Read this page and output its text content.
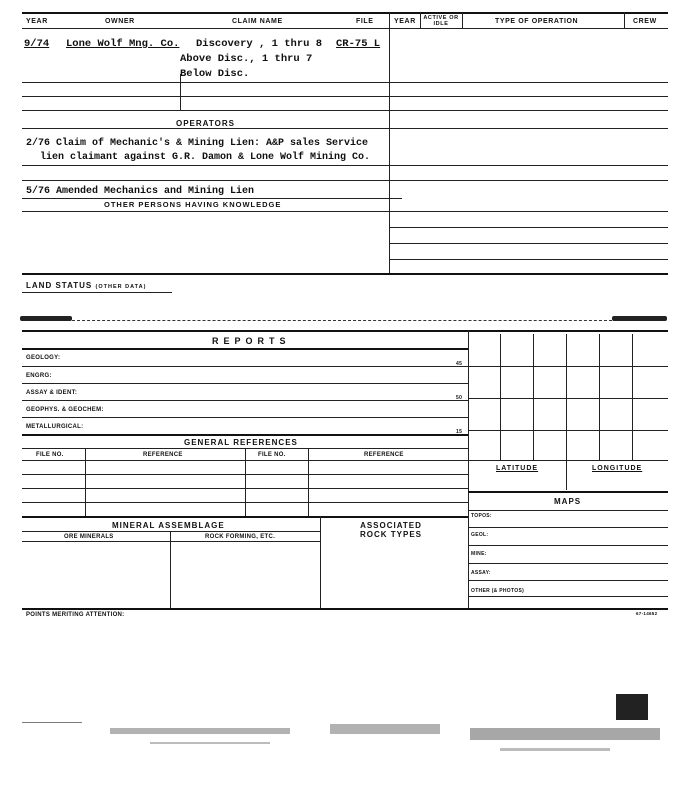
YEAR	OWNER	CLAIM NAME	FILE	YEAR ACTIVE OR IDLE	TYPE OF OPERATION	CREW
9/74 Lone Wolf Mng. Co. Discovery , 1 thru 8 CR-75 L
Above Disc., 1 thru 7
Below Disc.
OPERATORS
2/76 Claim of Mechanic's & Mining Lien: A&P sales Service
lien claimant against G.R. Damon & Lone Wolf Mining Co.
5/76 Amended Mechanics and Mining Lien
OTHER PERSONS HAVING KNOWLEDGE
LAND STATUS (OTHER DATA)
REPORTS
GEOLOGY:
ENGRG:
ASSAY & IDENT:
GEOPHYS. & GEOCHEM:
METALLURGICAL:
45
50
15
GENERAL REFERENCES
FILE NO.	REFERENCE	FILE NO.	REFERENCE
LATITUDE	LONGITUDE
MAPS
TOPOS:
GEOL:
MINE:
ASSAY:
OTHER (& PHOTOS)
MINERAL ASSEMBLAGE
ORE MINERALS	ROCK FORMING, ETC.
ASSOCIATED ROCK TYPES
POINTS MERITING ATTENTION:	67-14652
